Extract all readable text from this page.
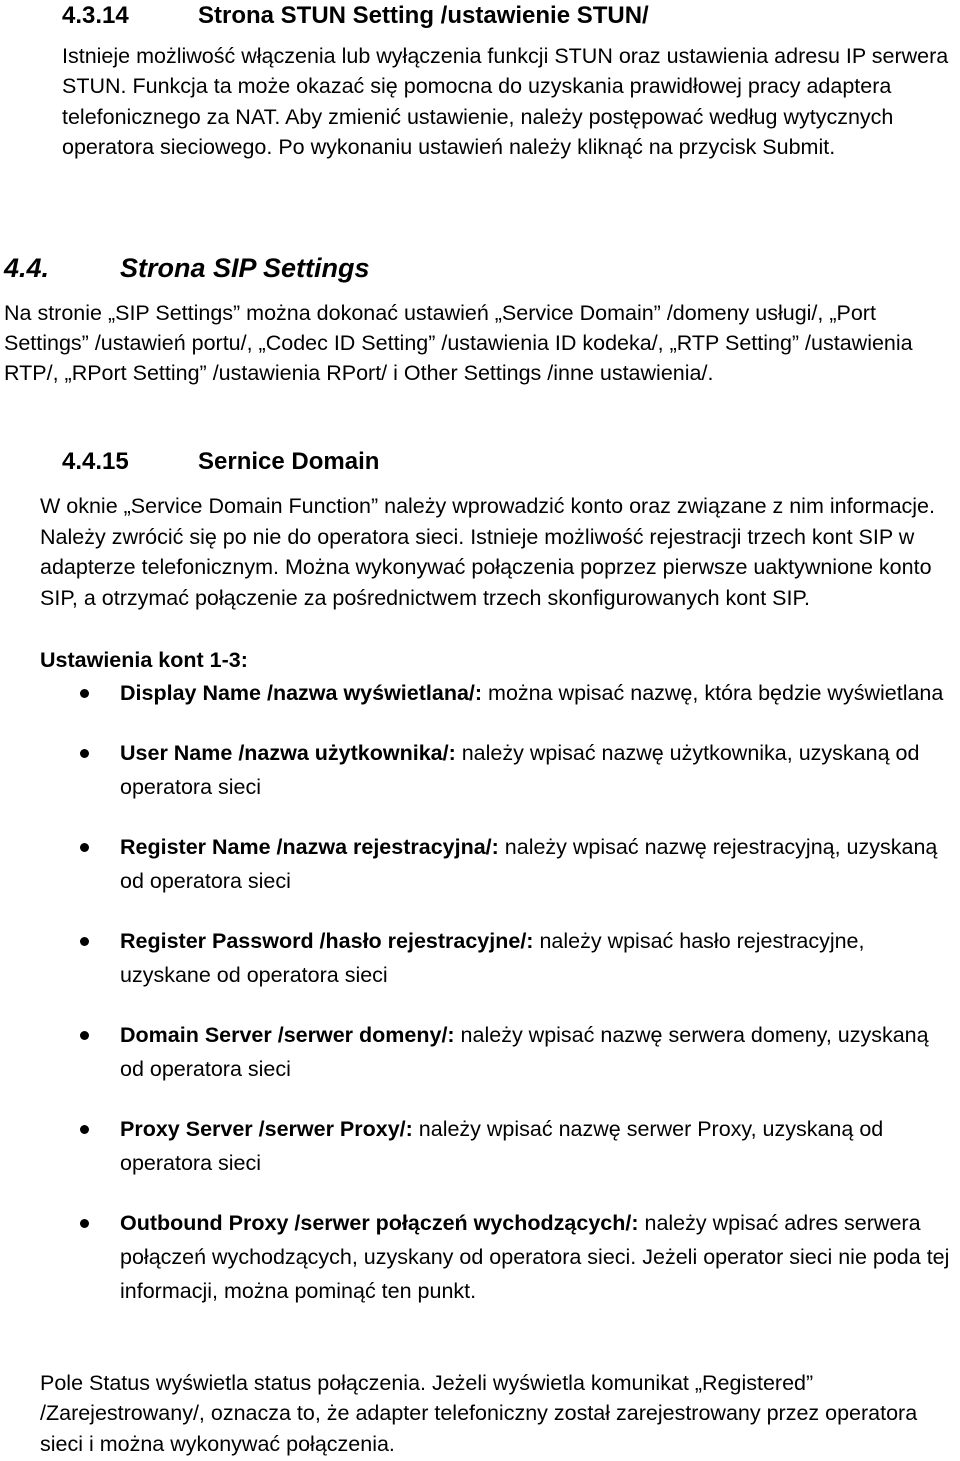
4.3.14	Strona STUN Setting /ustawienie STUN/

Istnieje możliwość włączenia lub wyłączenia funkcji STUN oraz ustawienia adresu IP serwera STUN. Funkcja ta może okazać się pomocna do uzyskania prawidłowej pracy adaptera telefonicznego za NAT. Aby zmienić ustawienie, należy postępować według wytycznych operatora sieciowego. Po wykonaniu ustawień należy kliknąć na przycisk Submit.

4.4.	Strona SIP Settings

Na stronie „SIP Settings” można dokonać ustawień „Service Domain” /domeny usługi/, „Port Settings” /ustawień portu/, „Codec ID Setting” /ustawienia ID kodeka/, „RTP Setting” /ustawienia RTP/, „RPort Setting” /ustawienia RPort/ i Other Settings /inne ustawienia/.

4.4.15	Sernice Domain

W oknie „Service Domain Function” należy wprowadzić konto oraz związane z nim informacje. Należy zwrócić się po nie do operatora sieci. Istnieje możliwość rejestracji trzech kont SIP w adapterze telefonicznym. Można wykonywać połączenia poprzez pierwsze uaktywnione konto SIP, a otrzymać połączenie za pośrednictwem trzech skonfigurowanych kont SIP.

Ustawienia kont 1-3:
Display Name /nazwa wyświetlana/: można wpisać nazwę, która będzie wyświetlana
User Name /nazwa użytkownika/: należy wpisać nazwę użytkownika, uzyskaną od operatora sieci
Register Name /nazwa rejestracyjna/: należy wpisać nazwę rejestracyjną, uzyskaną od operatora sieci
Register Password /hasło rejestracyjne/: należy wpisać hasło rejestracyjne, uzyskane od operatora sieci
Domain Server /serwer domeny/: należy wpisać nazwę serwera domeny, uzyskaną od operatora sieci
Proxy Server /serwer Proxy/: należy wpisać nazwę serwer Proxy, uzyskaną od operatora sieci
Outbound Proxy /serwer połączeń wychodzących/: należy wpisać adres serwera połączeń wychodzących, uzyskany od operatora sieci. Jeżeli operator sieci nie poda tej informacji, można pominąć ten punkt.

Pole Status wyświetla status połączenia. Jeżeli wyświetla komunikat „Registered” /Zarejestrowany/, oznacza to, że adapter telefoniczny został zarejestrowany przez operatora sieci i można wykonywać połączenia.
